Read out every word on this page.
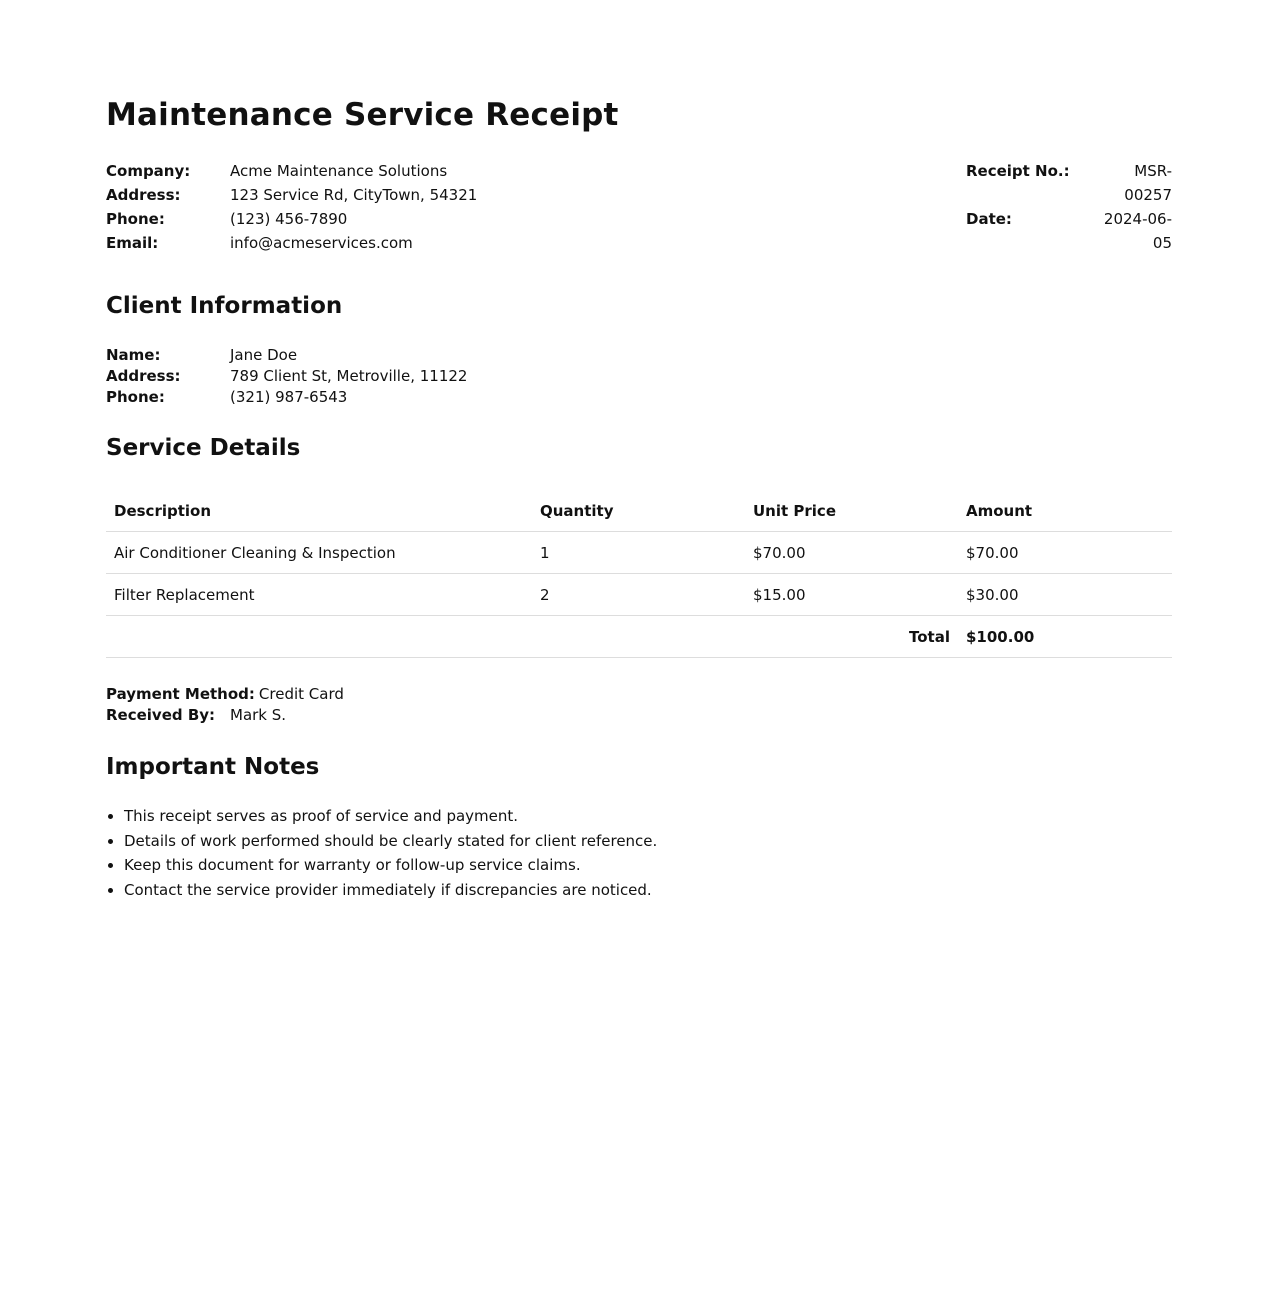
Maintenance Service Receipt
Company:	Acme Maintenance Solutions
Address:	123 Service Rd, CityTown, 54321
Phone:	(123) 456-7890
Email:	info@acmeservices.com
Receipt No.:	MSR-00257
Date:	2024-06-05
Client Information
Name:	Jane Doe
Address:	789 Client St, Metroville, 11122
Phone:	(321) 987-6543
Service Details
Description	Quantity	Unit Price	Amount
Air Conditioner Cleaning & Inspection	1	$70.00	$70.00
Filter Replacement	2	$15.00	$30.00
Total			$100.00
Payment Method: Credit Card
Received By: Mark S.
Important Notes
• This receipt serves as proof of service and payment.
• Details of work performed should be clearly stated for client reference.
• Keep this document for warranty or follow-up service claims.
• Contact the service provider immediately if discrepancies are noticed.
